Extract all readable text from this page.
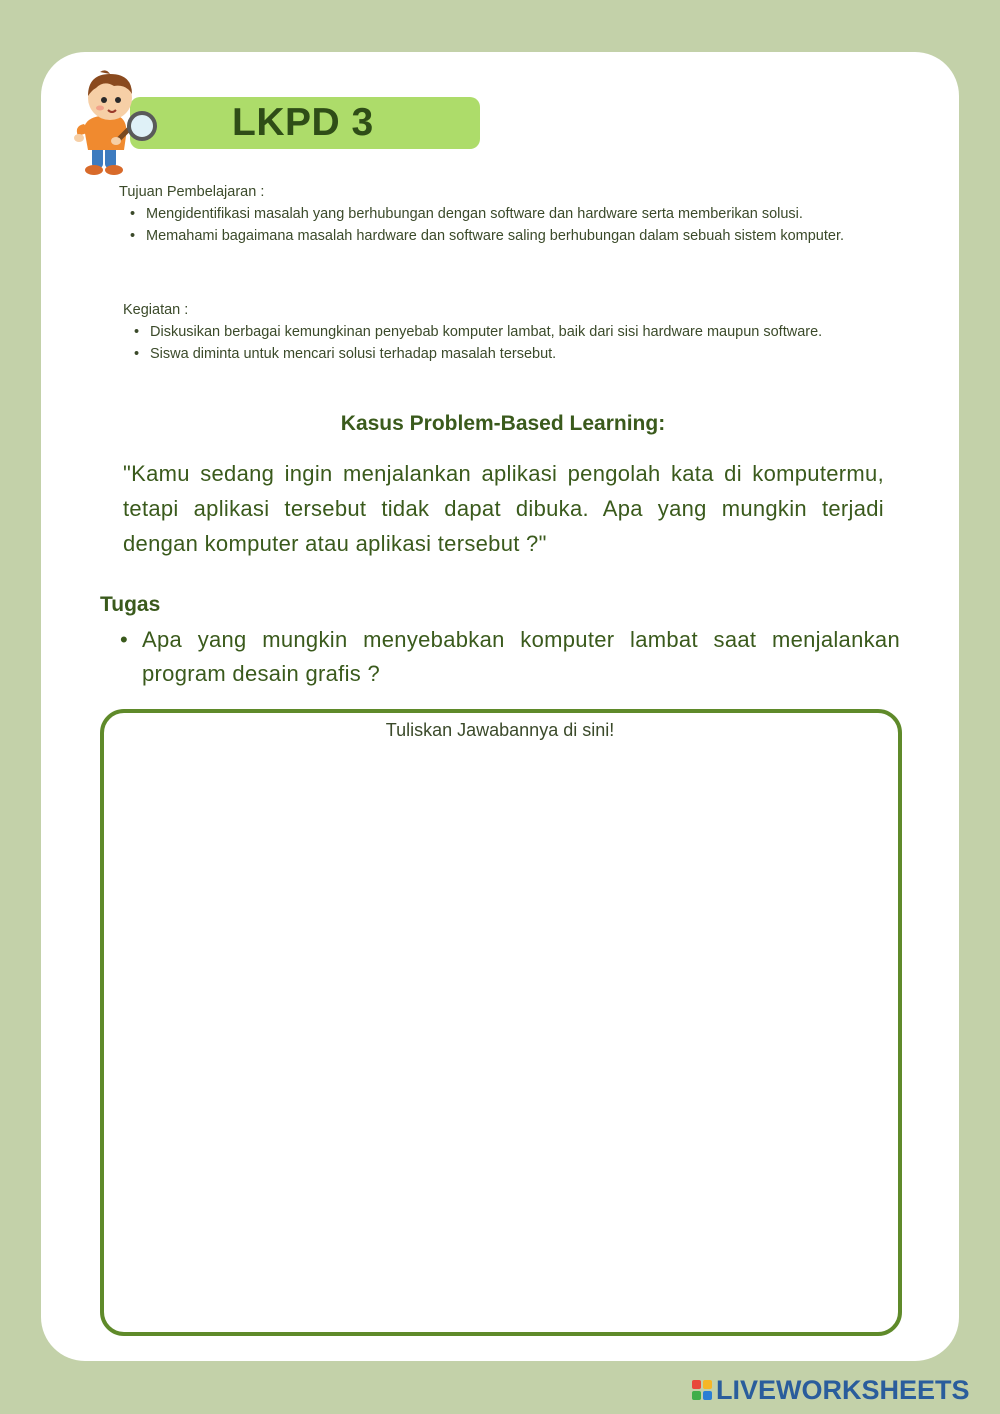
LKPD 3
Tujuan Pembelajaran :
• Mengidentifikasi masalah yang berhubungan dengan software dan hardware serta memberikan solusi.
• Memahami bagaimana masalah hardware dan software saling berhubungan dalam sebuah sistem komputer.
Kegiatan :
• Diskusikan berbagai kemungkinan penyebab komputer lambat, baik dari sisi hardware maupun software.
• Siswa diminta untuk mencari solusi terhadap masalah tersebut.
Kasus Problem-Based Learning:
"Kamu sedang ingin menjalankan aplikasi pengolah kata di komputermu, tetapi aplikasi tersebut tidak dapat dibuka. Apa yang mungkin terjadi dengan komputer atau aplikasi tersebut ?"
Tugas
• Apa yang mungkin menyebabkan komputer lambat saat menjalankan program desain grafis ?
Tuliskan Jawabannya di sini!
LIVEWORKSHEETS
